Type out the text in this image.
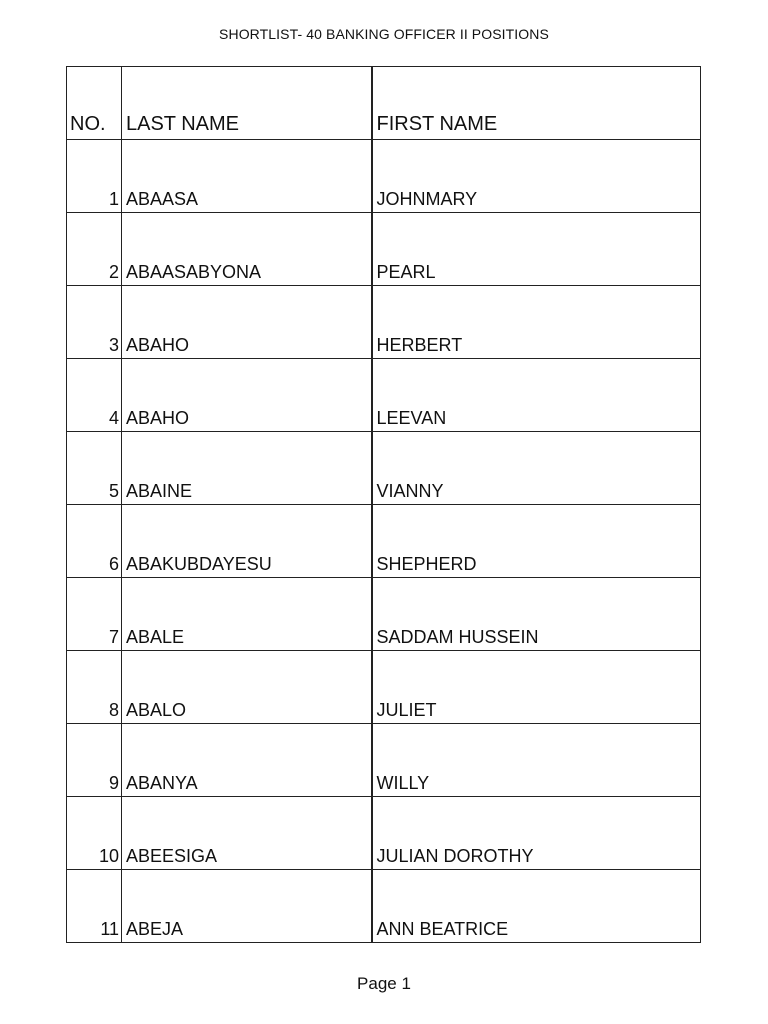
SHORTLIST- 40 BANKING OFFICER II POSITIONS
NO.	LAST NAME	FIRST NAME
1	ABAASA	JOHNMARY
2	ABAASABYONA	PEARL
3	ABAHO	HERBERT
4	ABAHO	LEEVAN
5	ABAINE	VIANNY
6	ABAKUBDAYESU	SHEPHERD
7	ABALE	SADDAM HUSSEIN
8	ABALO	JULIET
9	ABANYA	WILLY
10	ABEESIGA	JULIAN DOROTHY
11	ABEJA	ANN BEATRICE
Page 1
